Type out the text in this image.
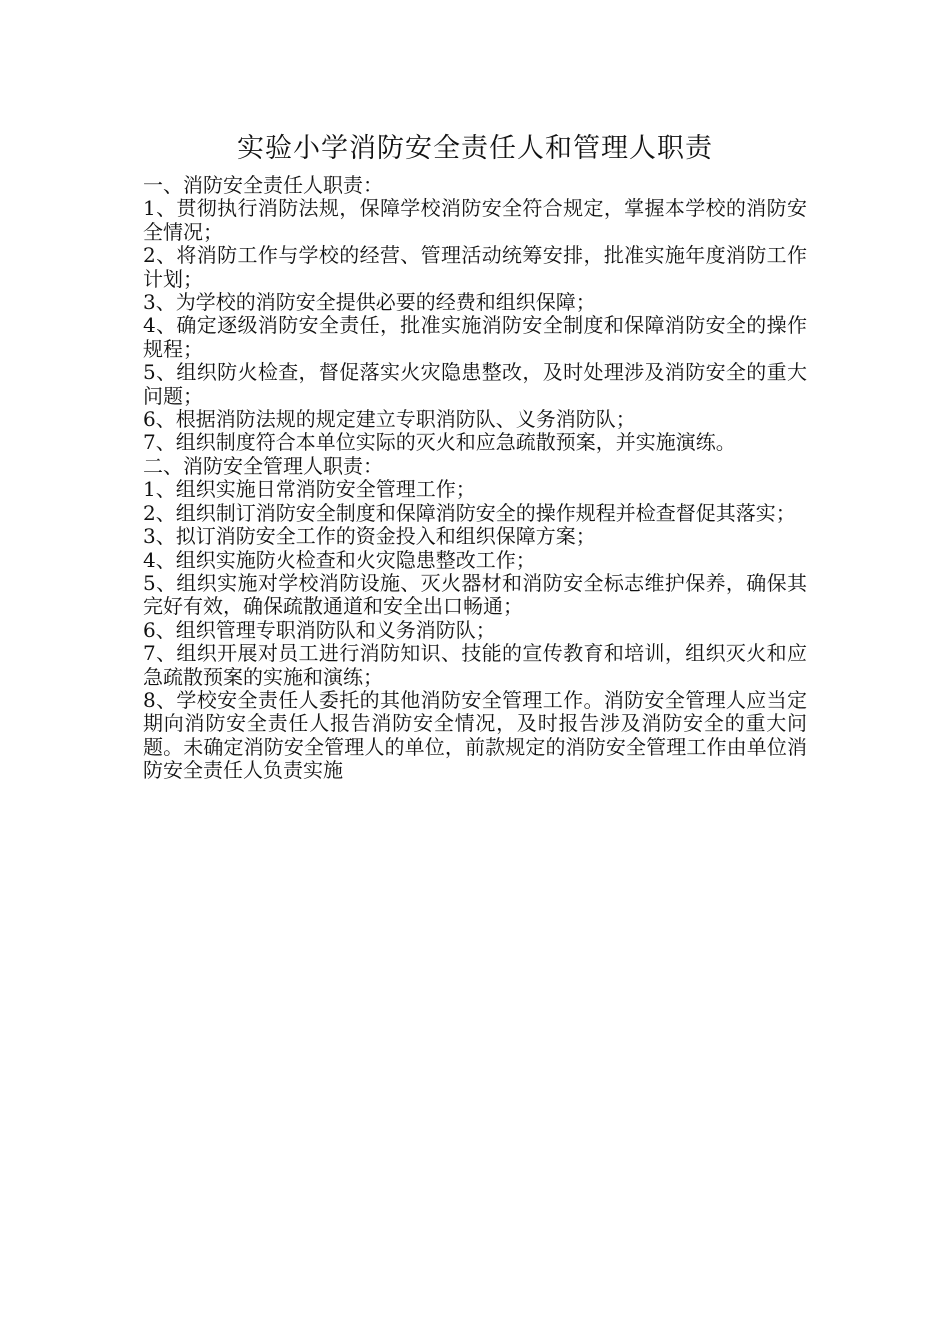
实验小学消防安全责任人和管理人职责

一、消防安全责任人职责：

1、贯彻执行消防法规，保障学校消防安全符合规定，掌握本学校的消防安全情况；

2、将消防工作与学校的经营、管理活动统筹安排，批准实施年度消防工作计划；

3、为学校的消防安全提供必要的经费和组织保障；

4、确定逐级消防安全责任，批准实施消防安全制度和保障消防安全的操作规程；

5、组织防火检查，督促落实火灾隐患整改，及时处理涉及消防安全的重大问题；

6、根据消防法规的规定建立专职消防队、义务消防队；

7、组织制度符合本单位实际的灭火和应急疏散预案，并实施演练。

二、消防安全管理人职责：

1、组织实施日常消防安全管理工作；

2、组织制订消防安全制度和保障消防安全的操作规程并检查督促其落实；

3、拟订消防安全工作的资金投入和组织保障方案；

4、组织实施防火检查和火灾隐患整改工作；

5、组织实施对学校消防设施、灭火器材和消防安全标志维护保养，确保其完好有效，确保疏散通道和安全出口畅通；

6、组织管理专职消防队和义务消防队；

7、组织开展对员工进行消防知识、技能的宣传教育和培训，组织灭火和应急疏散预案的实施和演练；

8、学校安全责任人委托的其他消防安全管理工作。消防安全管理人应当定期向消防安全责任人报告消防安全情况，及时报告涉及消防安全的重大问题。未确定消防安全管理人的单位，前款规定的消防安全管理工作由单位消防安全责任人负责实施
